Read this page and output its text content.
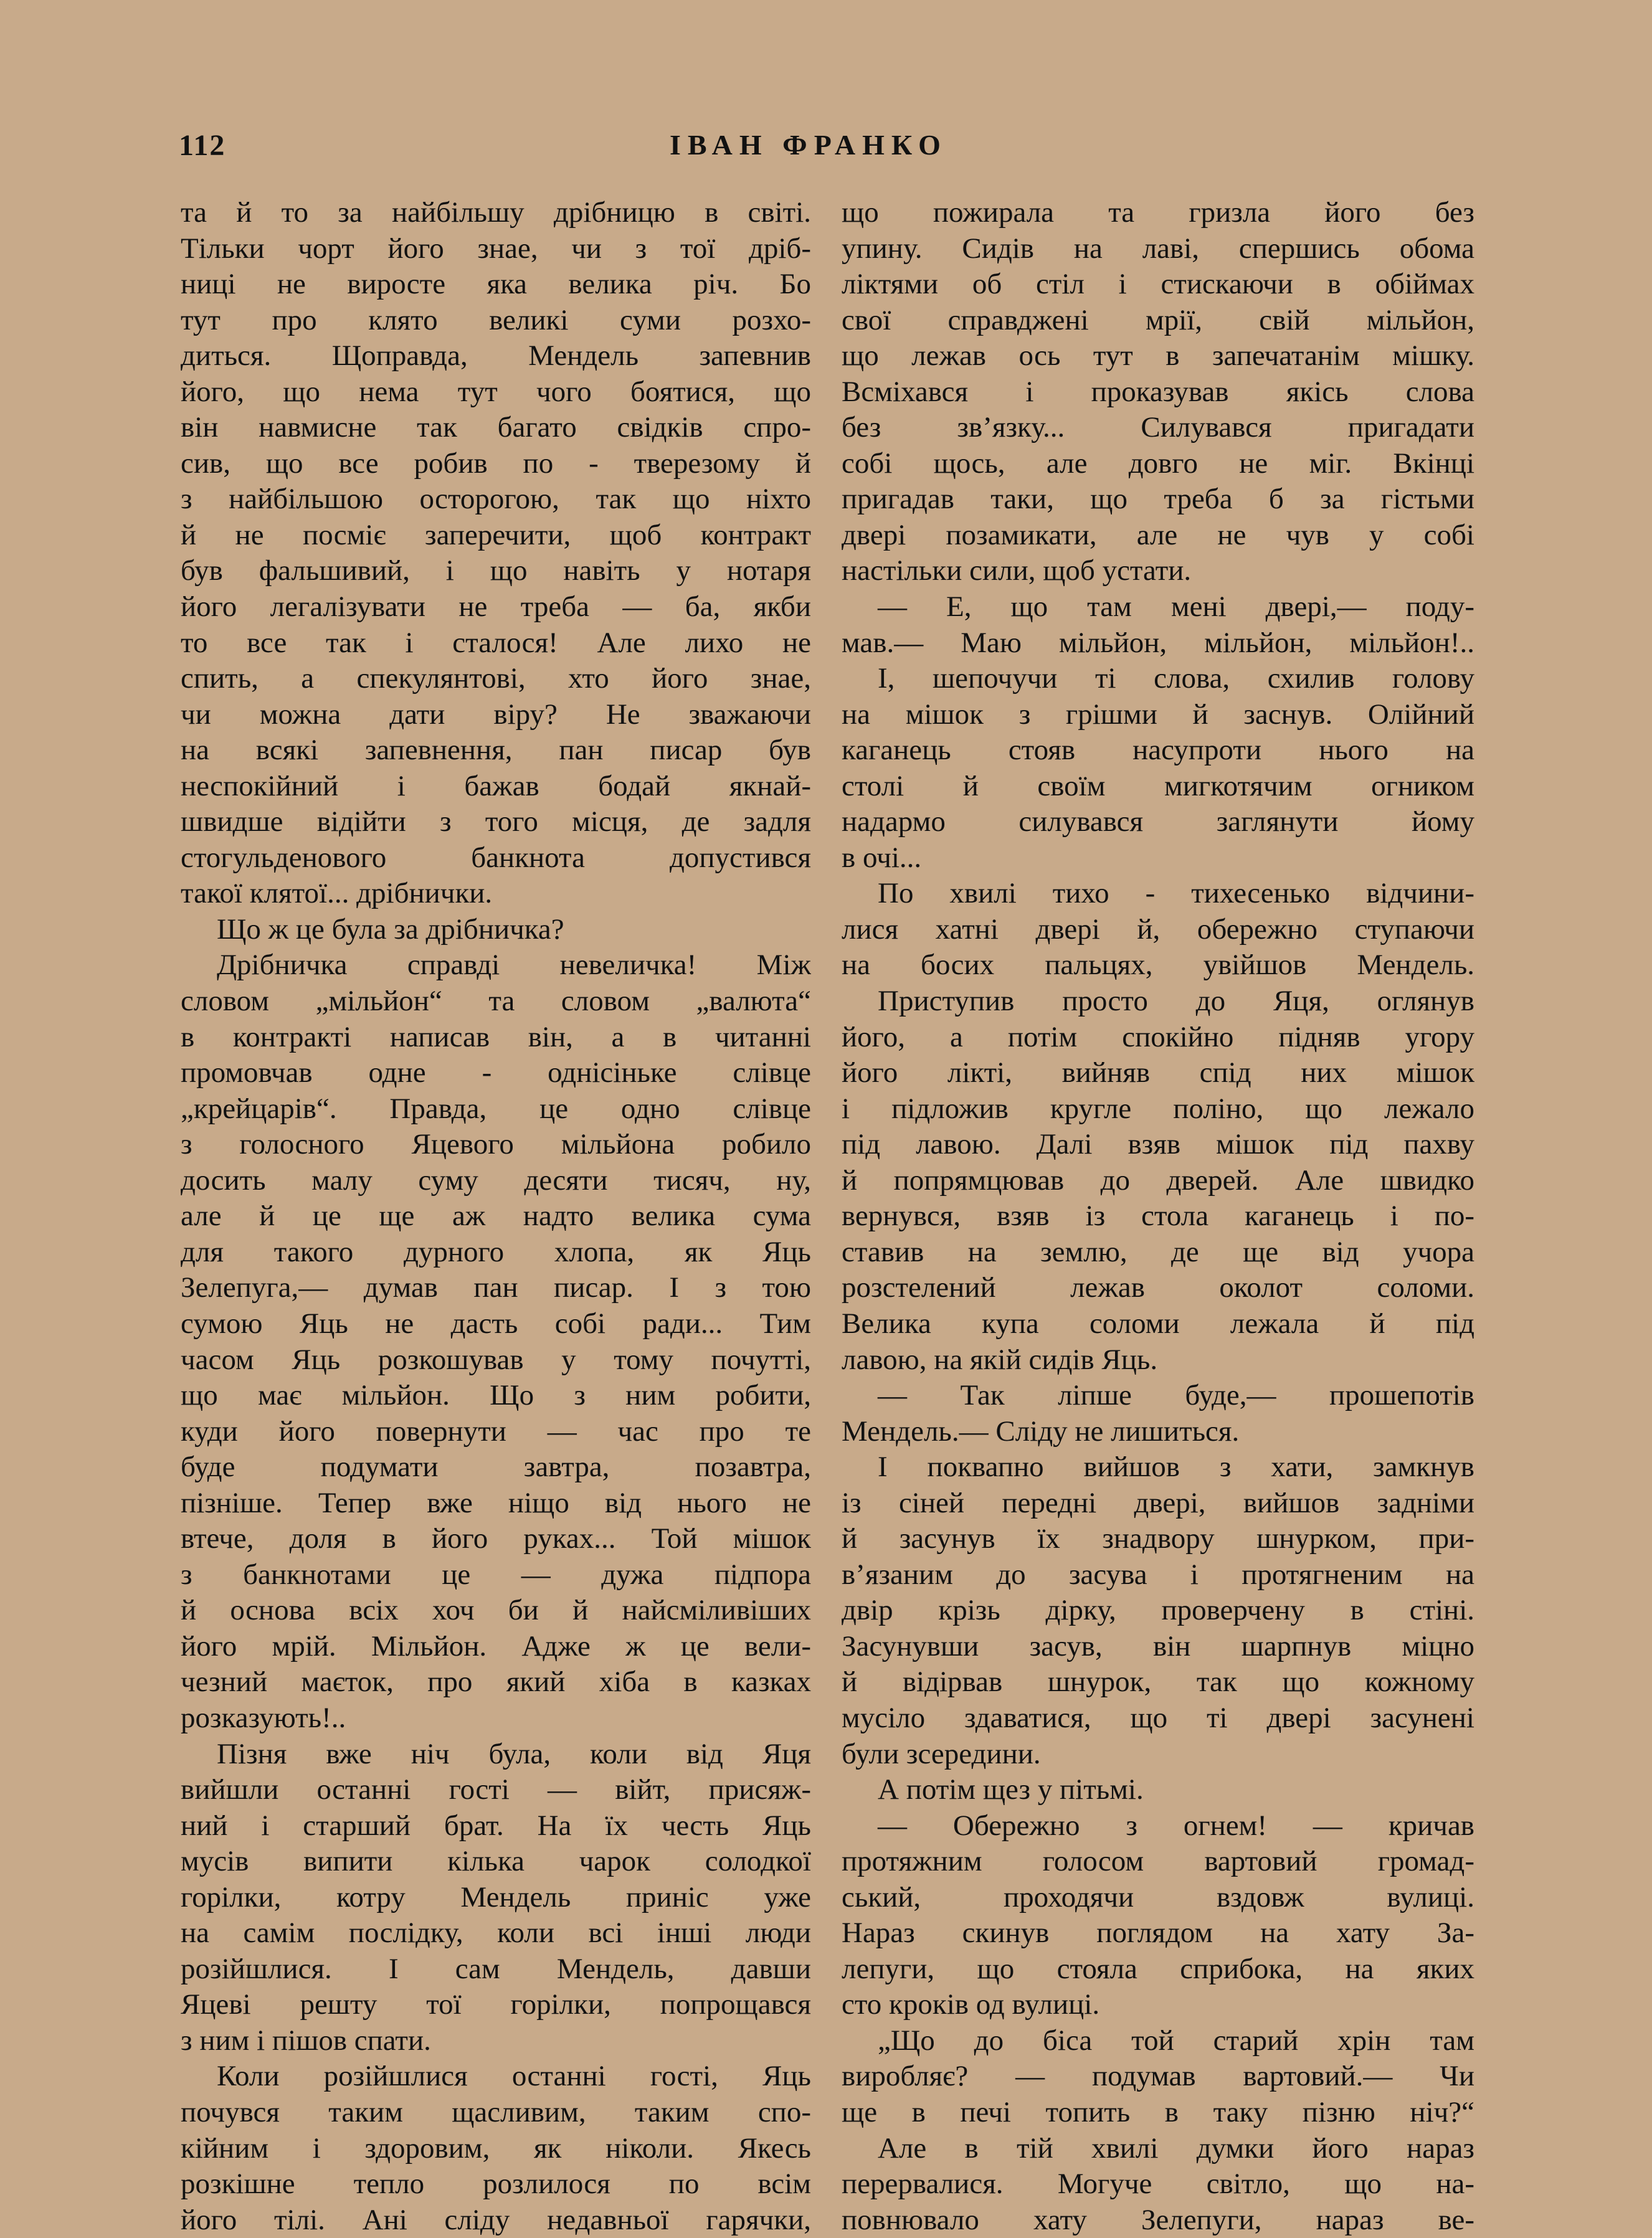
112	ІВАН ФРАНКО
та й то за найбільшу дрібницю в світі.
Тільки чорт його знае, чи з тої дріб-
ниці не виросте яка велика річ. Бо
тут про клято великі суми розхо-
диться. Щоправда, Мендель запевнив
його, що нема тут чого боятися, що
він навмисне так багато свідків спро-
сив, що все робив по - тверезому й
з найбільшою осторогою, так що ніхто
й не посміє заперечити, щоб контракт
був фальшивий, і що навіть у нотаря
його легалізувати не треба — ба, якби
то все так і сталося! Але лихо не
спить, а спекулянтові, хто його знае,
чи можна дати віру? Не зважаючи
на всякі запевнення, пан писар був
неспокійний і бажав бодай якнай-
швидше відійти з того місця, де задля
стогульденового банкнота допустився
такої клятої... дрібнички.
Що ж це була за дрібничка?
Дрібничка справді невеличка! Між
словом „мільйон“ та словом „валюта“
в контракті написав він, а в читанні
промовчав одне - однісіньке слівце
„крейцарів“. Правда, це одно слівце
з голосного Яцевого мільйона робило
досить малу суму десяти тисяч, ну,
але й це ще аж надто велика сума
для такого дурного хлопа, як Яць
Зелепуга,— думав пан писар. І з тою
сумою Яць не дасть собі ради... Тим
часом Яць розкошував у тому почутті,
що має мільйон. Що з ним робити,
куди його повернути — час про те
буде подумати завтра, позавтра,
пізніше. Тепер вже ніщо від нього не
втече, доля в його руках... Той мішок
з банкнотами це — дужа підпора
й основа всіх хоч би й найсміливіших
його мрій. Мільйон. Адже ж це вели-
чезний маєток, про який хіба в казках
розказують!..
Пізня вже ніч була, коли від Яця
вийшли останні гості — війт, присяж-
ний і старший брат. На їх честь Яць
мусів випити кілька чарок солодкої
горілки, котру Мендель приніс уже
на самім послідку, коли всі інші люди
розійшлися. І сам Мендель, давши
Яцеві решту тої горілки, попрощався
з ним і пішов спати.
Коли розійшлися останні гості, Яць
почувся таким щасливим, таким спо-
кійним і здоровим, як ніколи. Якесь
розкішне тепло розлилося по всім
його тілі. Ані сліду недавньої гарячки,
що пожирала та гризла його без
упину. Сидів на лаві, спершись обома
ліктями об стіл і стискаючи в обіймах
свої справджені мрії, свій мільйон,
що лежав ось тут в запечатанім мішку.
Всміхався і проказував якісь слова
без зв’язку... Силувався пригадати
собі щось, але довго не міг. Вкінці
пригадав таки, що треба б за гістьми
двері позамикати, але не чув у собі
настільки сили, щоб устати.
— Е, що там мені двері,— поду-
мав.— Маю мільйон, мільйон, мільйон!..
І, шепочучи ті слова, схилив голову
на мішок з грішми й заснув. Олійний
каганець стояв насупроти нього на
столі й своїм мигкотячим огником
надармо силувався заглянути йому
в очі...
По хвилі тихо - тихесенько відчини-
лися хатні двері й, обережно ступаючи
на босих пальцях, увійшов Мендель.
Приступив просто до Яця, оглянув
його, а потім спокійно підняв угору
його лікті, вийняв спід них мішок
і підложив кругле поліно, що лежало
під лавою. Далі взяв мішок під пахву
й попрямцював до дверей. Але швидко
вернувся, взяв із стола каганець і по-
ставив на землю, де ще від учора
розстелений лежав околот соломи.
Велика купа соломи лежала й під
лавою, на якій сидів Яць.
— Так ліпше буде,— прошепотів
Мендель.— Сліду не лишиться.
І поквапно вийшов з хати, замкнув
із сіней передні двері, вийшов задніми
й засунув їх знадвору шнурком, при-
в’язаним до засува і протягненим на
двір крізь дірку, проверчену в стіні.
Засунувши засув, він шарпнув міцно
й відірвав шнурок, так що кожному
мусіло здаватися, що ті двері засунені
були зсередини.
А потім щез у пітьмі.
— Обережно з огнем! — кричав
протяжним голосом вартовий громад-
ський, проходячи вздовж вулиці.
Нараз скинув поглядом на хату За-
лепуги, що стояла сприбока, на яких
сто кроків од вулиці.
„Що до біса той старий хрін там
виробляє? — подумав вартовий.— Чи
ще в печі топить в таку пізню ніч?“
Але в тій хвилі думки його нараз
перервалися. Могуче світло, що на-
повнювало хату Зелепуги, нараз ве-
